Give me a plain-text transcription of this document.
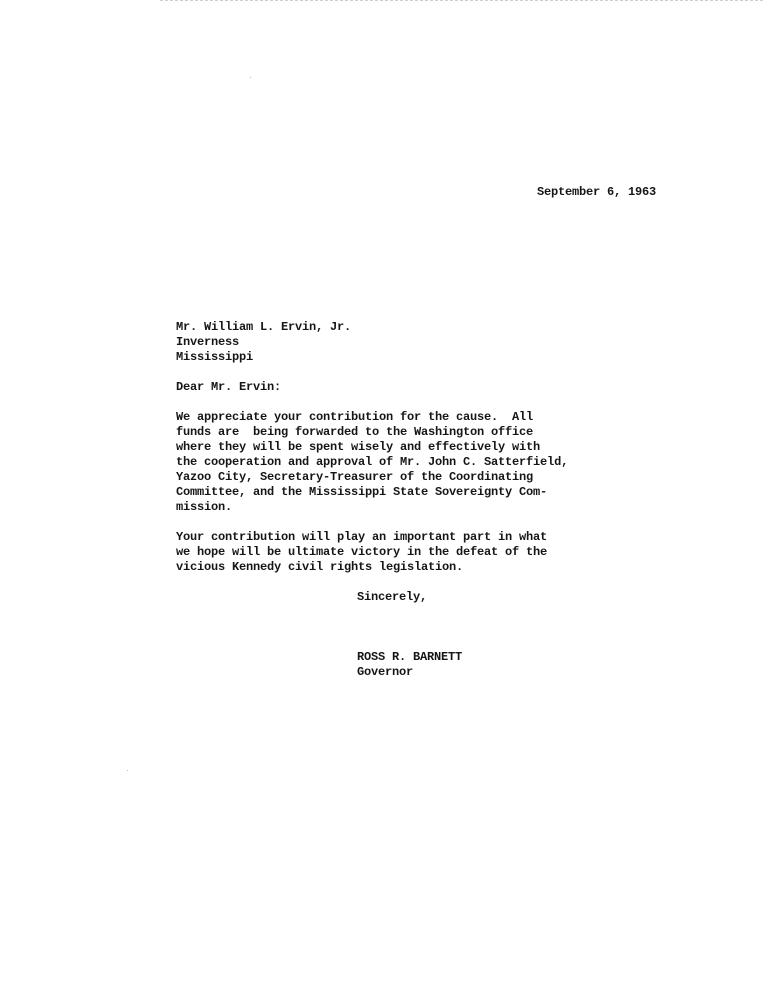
September 6, 1963
Mr. William L. Ervin, Jr.
Inverness
Mississippi
Dear Mr. Ervin:
We appreciate your contribution for the cause.  All
funds are  being forwarded to the Washington office
where they will be spent wisely and effectively with
the cooperation and approval of Mr. John C. Satterfield,
Yazoo City, Secretary-Treasurer of the Coordinating
Committee, and the Mississippi State Sovereignty Com-
mission.
Your contribution will play an important part in what
we hope will be ultimate victory in the defeat of the
vicious Kennedy civil rights legislation.
Sincerely,
ROSS R. BARNETT
Governor
